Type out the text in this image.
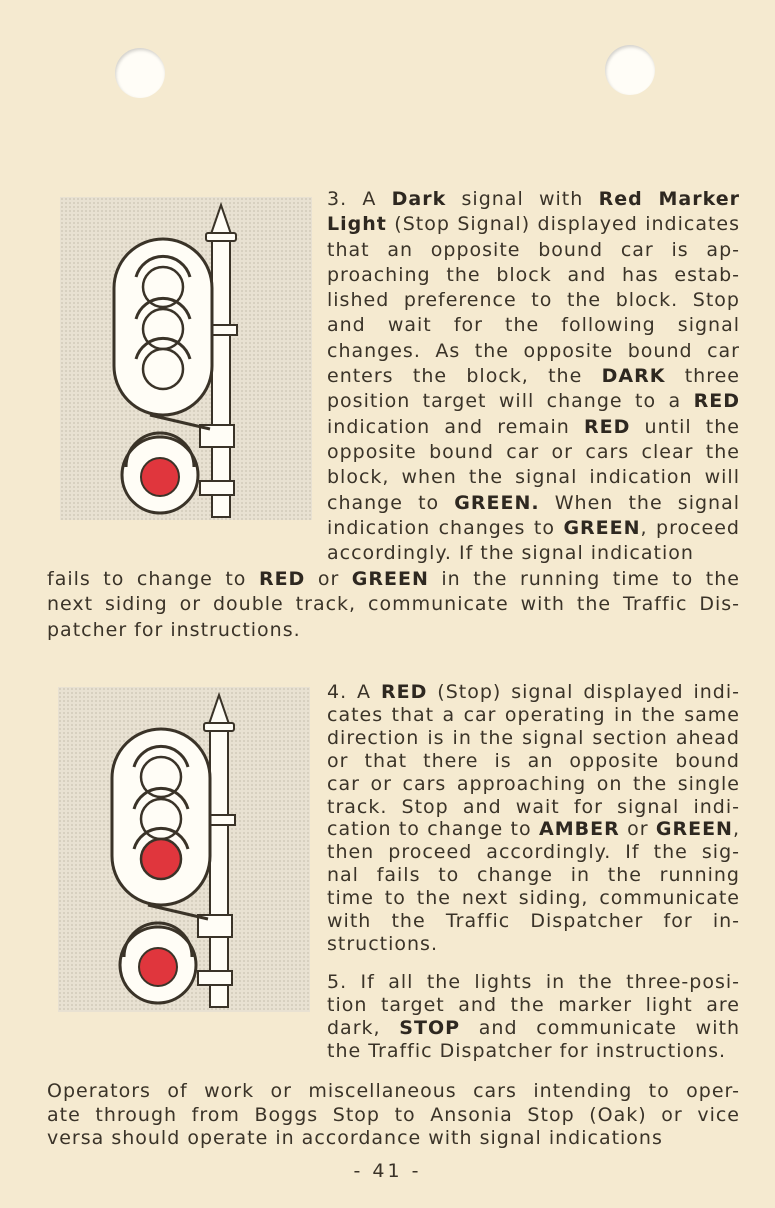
3. A Dark signal with Red Marker
Light (Stop Signal) displayed indicates
that an opposite bound car is ap-
proaching the block and has estab-
lished preference to the block. Stop
and wait for the following signal
changes. As the opposite bound car
enters the block, the DARK three
position target will change to a RED
indication and remain RED until the
opposite bound car or cars clear the
block, when the signal indication will
change to GREEN. When the signal
indication changes to GREEN, proceed
accordingly. If the signal indication
fails to change to RED or GREEN in the running time to the
next siding or double track, communicate with the Traffic Dis-
patcher for instructions.
4. A RED (Stop) signal displayed indi-
cates that a car operating in the same
direction is in the signal section ahead
or that there is an opposite bound
car or cars approaching on the single
track. Stop and wait for signal indi-
cation to change to AMBER or GREEN,
then proceed accordingly. If the sig-
nal fails to change in the running
time to the next siding, communicate
with the Traffic Dispatcher for in-
structions.
5. If all the lights in the three-posi-
tion target and the marker light are
dark, STOP and communicate with
the Traffic Dispatcher for instructions.
Operators of work or miscellaneous cars intending to oper-
ate through from Boggs Stop to Ansonia Stop (Oak) or vice
versa should operate in accordance with signal indications
- 41 -
